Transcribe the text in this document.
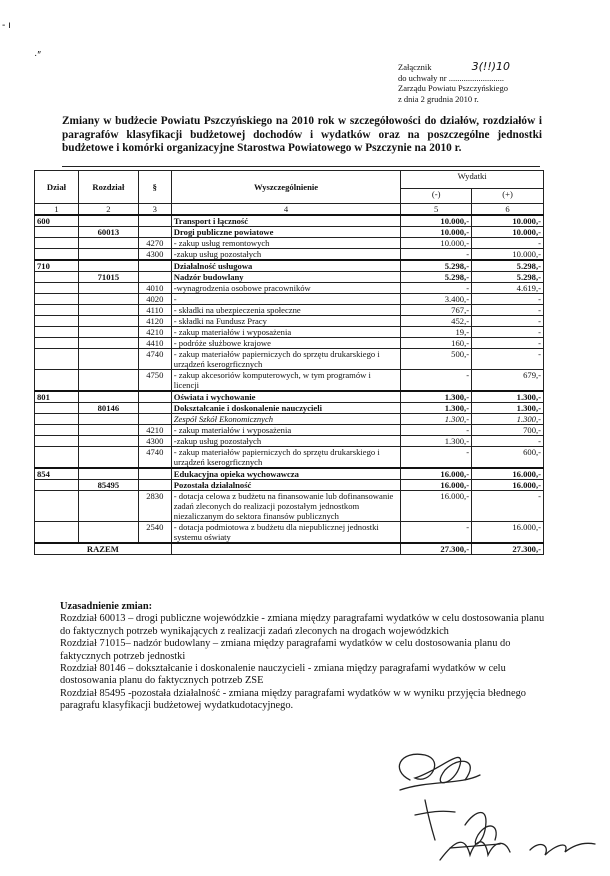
- ı
·″
Załącznik	3(!!)10
do uchwały nr ..........................
Zarządu Powiatu Pszczyńskiego
z dnia 2 grudnia 2010 r.
Zmiany w budżecie Powiatu Pszczyńskiego na 2010 rok w szczegółowości do działów, rozdziałów i paragrafów klasyfikacji budżetowej dochodów i wydatków oraz na poszczególne jednostki budżetowe i komórki organizacyjne Starostwa Powiatowego w Pszczynie na 2010 r.
Dział	Rozdział	§	Wyszczególnienie	Wydatki	
				(-)	(+)
1	2	3	4	5	6
600			Transport i łączność	10.000,-	10.000,-
	60013		Drogi publiczne powiatowe	10.000,-	10.000,-
		4270	- zakup usług remontowych	10.000,-	-
		4300	-zakup usług pozostałych	-	10.000,-
710			Działalność usługowa	5.298,-	5.298,-
	71015		Nadzór budowlany	5.298,-	5.298,-
		4010	-wynagrodzenia osobowe pracowników	-	4.619,-
		4020	-	3.400,-	-
		4110	- składki na ubezpieczenia społeczne	767,-	-
		4120	- składki na Fundusz Pracy	452,-	-
		4210	- zakup materiałów i wyposażenia	19,-	-
		4410	- podróże służbowe krajowe	160,-	-
		4740	- zakup materiałów papierniczych do sprzętu drukarskiego i urządzeń kserogrficznych	500,-	-
		4750	- zakup akcesoriów komputerowych, w tym programów i licencji	-	679,-
801			Oświata i wychowanie	1.300,-	1.300,-
	80146		Dokształcanie i doskonalenie nauczycieli	1.300,-	1.300,-
			Zespół Szkół Ekonomicznych	1.300,-	1.300,-
		4210	- zakup materiałów i wyposażenia	-	700,-
		4300	-zakup usług pozostałych	1.300,-	-
		4740	- zakup materiałów papierniczych do sprzętu drukarskiego i urządzeń kserogrficznych	-	600,-
854			Edukacyjna opieka wychowawcza	16.000,-	16.000,-
	85495		Pozostała działalność	16.000,-	16.000,-
		2830	- dotacja celowa z budżetu na finansowanie lub dofinansowanie zadań zleconych do realizacji pozostałym jednostkom niezaliczanym do sektora finansów publicznych	16.000,-	-
		2540	- dotacja podmiotowa z budżetu dla niepublicznej jednostki systemu oświaty	-	16.000,-
RAZEM				27.300,-	27.300,-
Uzasadnienie zmian:
Rozdział 60013 – drogi publiczne wojewódzkie - zmiana między paragrafami wydatków w celu dostosowania planu do faktycznych potrzeb wynikających z realizacji zadań zleconych na drogach wojewódzkich
Rozdział 71015– nadzór budowlany – zmiana między paragrafami wydatków w celu dostosowania planu do faktycznych potrzeb jednostki
Rozdział 80146 – dokształcanie i doskonalenie nauczycieli - zmiana między paragrafami wydatków w celu dostosowania planu do faktycznych potrzeb ZSE
Rozdział 85495 -pozostała działalność - zmiana między paragrafami wydatków w w wyniku przyjęcia błednego paragrafu klasyfikacji budżetowej wydatkudotacyjnego.
